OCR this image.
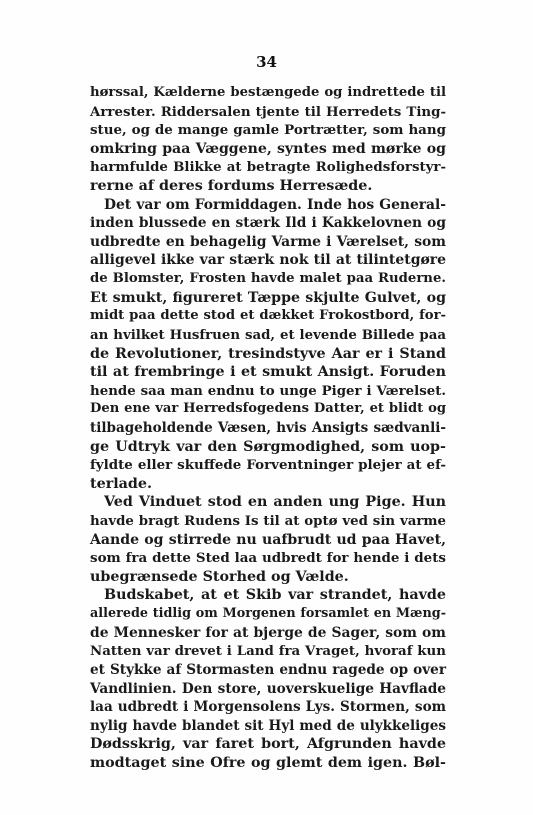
34
hørssal, Kælderne bestængede og indrettede til
Arrester. Riddersalen tjente til Herredets Ting-
stue, og de mange gamle Portrætter, som hang
omkring paa Væggene, syntes med mørke og
harmfulde Blikke at betragte Rolighedsforstyr-
rerne af deres fordums Herresæde.
Det var om Formiddagen. Inde hos General-
inden blussede en stærk Ild i Kakkelovnen og
udbredte en behagelig Varme i Værelset, som
alligevel ikke var stærk nok til at tilintetgøre
de Blomster, Frosten havde malet paa Ruderne.
Et smukt, figureret Tæppe skjulte Gulvet, og
midt paa dette stod et dækket Frokostbord, for-
an hvilket Husfruen sad, et levende Billede paa
de Revolutioner, tresindstyve Aar er i Stand
til at frembringe i et smukt Ansigt. Foruden
hende saa man endnu to unge Piger i Værelset.
Den ene var Herredsfogedens Datter, et blidt og
tilbageholdende Væsen, hvis Ansigts sædvanli-
ge Udtryk var den Sørgmodighed, som uop-
fyldte eller skuffede Forventninger plejer at ef-
terlade.
Ved Vinduet stod en anden ung Pige. Hun
havde bragt Rudens Is til at optø ved sin varme
Aande og stirrede nu uafbrudt ud paa Havet,
som fra dette Sted laa udbredt for hende i dets
ubegrænsede Storhed og Vælde.
Budskabet, at et Skib var strandet, havde
allerede tidlig om Morgenen forsamlet en Mæng-
de Mennesker for at bjerge de Sager, som om
Natten var drevet i Land fra Vraget, hvoraf kun
et Stykke af Stormasten endnu ragede op over
Vandlinien. Den store, uoverskuelige Havflade
laa udbredt i Morgensolens Lys. Stormen, som
nylig havde blandet sit Hyl med de ulykkeliges
Dødsskrig, var faret bort, Afgrunden havde
modtaget sine Ofre og glemt dem igen. Bøl-
